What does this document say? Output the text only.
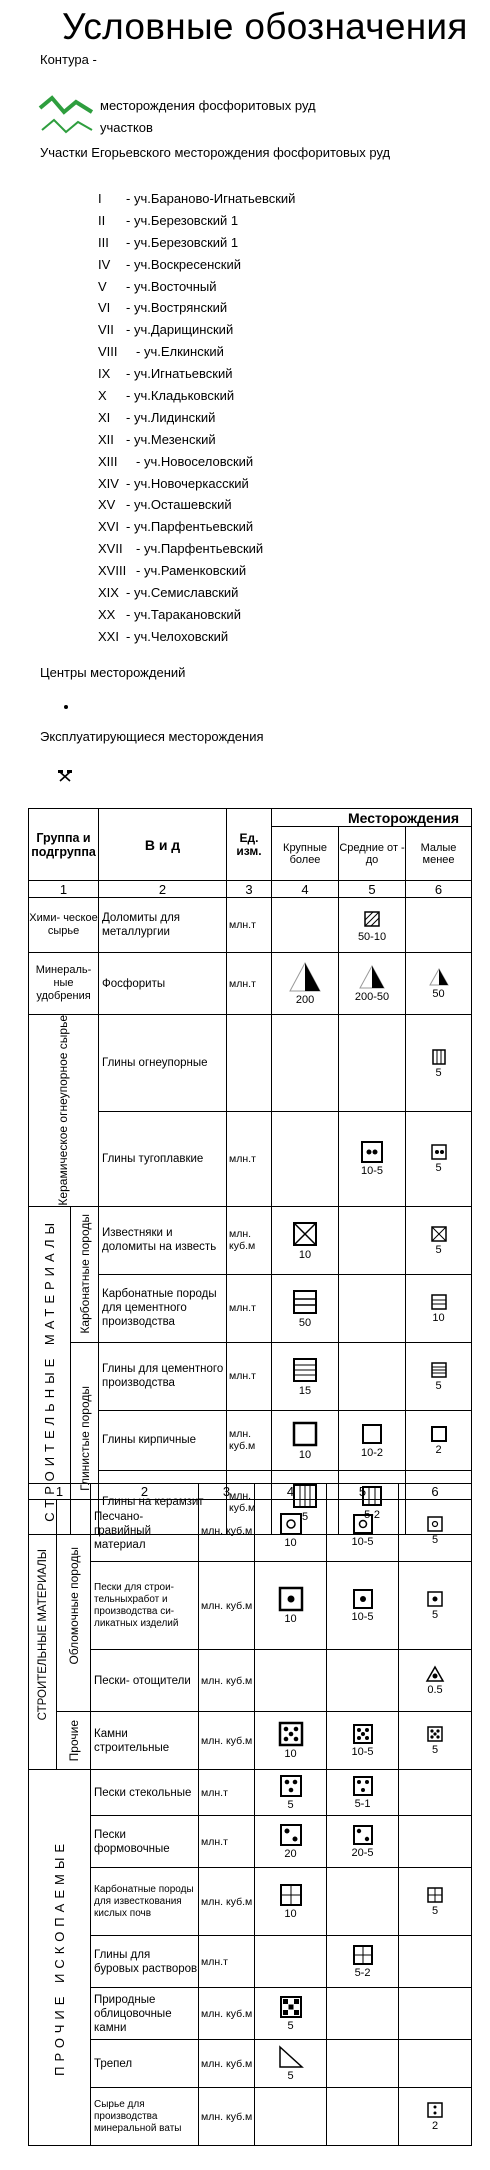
Условные обозначения
Контура -
месторождения фосфоритовых руд
участков
Участки Егорьевского месторождения фосфоритовых руд
I - уч.Бараново-Игнатьевский
II - уч.Березовский 1
III - уч.Березовский 1
IV - уч.Воскресенский
V - уч.Восточный
VI - уч.Вострянский
VII - уч.Дарищинский
VIII - уч.Елкинский
IX - уч.Игнатьевский
X - уч.Кладьковский
XI - уч.Лидинский
XII - уч.Мезенский
XIII - уч.Новоселовский
XIV - уч.Новочеркасский
XV - уч.Осташевский
XVI - уч.Парфентьевский
XVII - уч.Парфентьевский
XVIII - уч.Раменковский
XIX - уч.Семиславский
XX - уч.Таракановский
XXI - уч.Челоховский
Центры месторождений
Эксплуатирующиеся месторождения
Группа и подгруппа		В и д	Ед. изм.	Месторождения		
				Крупные более	Средние от - до	Малые менее
1		2	3	4	5	6
Хими- ческое сырье		Доломиты для металлургии	млн.т		50-10	

Минераль- ные удобрения		Фосфориты	млн.т	200	200-50	50

Керамическое огнеупорное сырье		Глины огнеупорные				5

		Глины тугоплавкие	млн.т		10-5	5

СТРОИТЕЛЬНЫЕ МАТЕРИАЛЫ	Карбонатные породы	Известняки и доломиты на известь	млн. куб.м	10		5

		Карбонатные породы для цементного производства	млн.т	50		10

	Глинистые породы	Глины для цементного производства	млн.т	15		5

		Глины кирпичные	млн. куб.м	10	10-2	2

		Глины на керамзит	млн. куб.м	5	5-2	

1		2	3	4	5	6

СТРОИТЕЛЬНЫЕ МАТЕРИАЛЫ	Обломочные породы	Песчано- гравийный материал	млн. куб.м	10	10-5	5

		Пески для строи- тельныхработ и производства си- ликатных изделий	млн. куб.м	10	10-5	5

		Пески- отощители	млн. куб.м			0.5

	Прочие	Камни строительные	млн. куб.м	10	10-5	5

ПРОЧИЕ ИСКОПАЕМЫЕ		Пески стекольные	млн.т	5	5-1	

		Пески формовочные	млн.т	20	20-5	

		Карбонатные породы для известкования кислых почв	млн. куб.м	10		5

		Глины для буровых растворов	млн.т		5-2	

		Природные облицовочные камни	млн. куб.м	5		

		Трепел	млн. куб.м	5		

		Сырье для производства минеральной ваты	млн. куб.м			2
